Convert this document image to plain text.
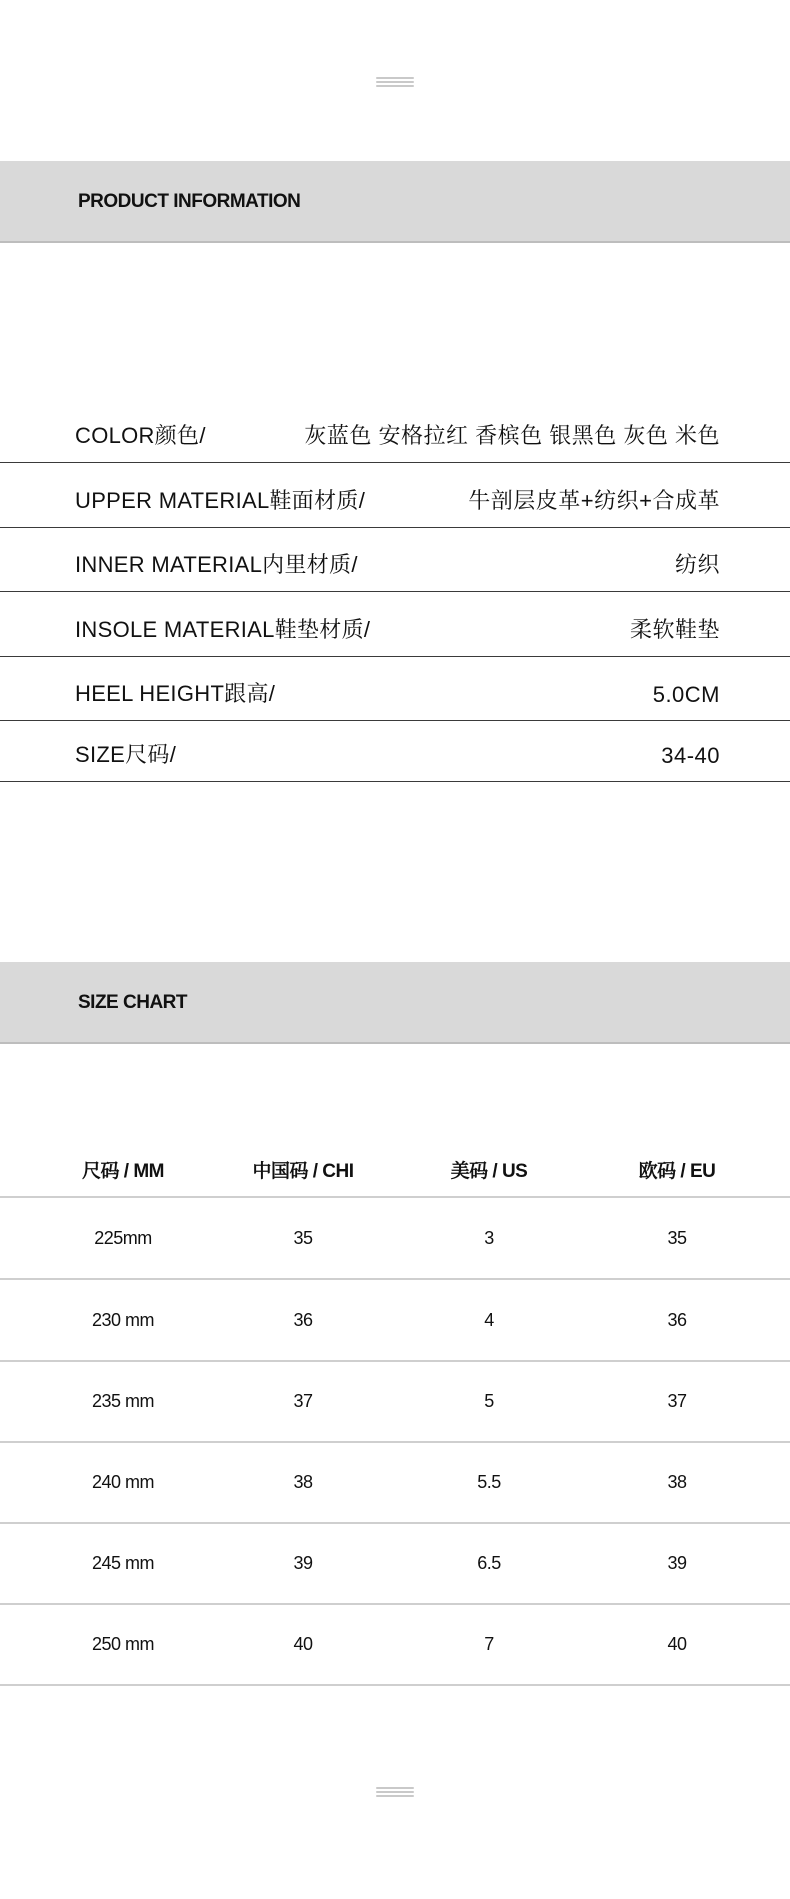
PRODUCT INFORMATION
COLOR颜色/	灰蓝色 安格拉红 香槟色 银黑色 灰色 米色
UPPER MATERIAL鞋面材质/	牛剖层皮革+纺织+合成革
INNER MATERIAL内里材质/	纺织
INSOLE MATERIAL鞋垫材质/	柔软鞋垫
HEEL HEIGHT跟高/	5.0CM
SIZE尺码/	34-40
SIZE CHART
尺码 / MM	中国码 / CHI	美码 / US	欧码 / EU
225mm	35	3	35
230 mm	36	4	36
235 mm	37	5	37
240 mm	38	5.5	38
245 mm	39	6.5	39
250 mm	40	7	40
